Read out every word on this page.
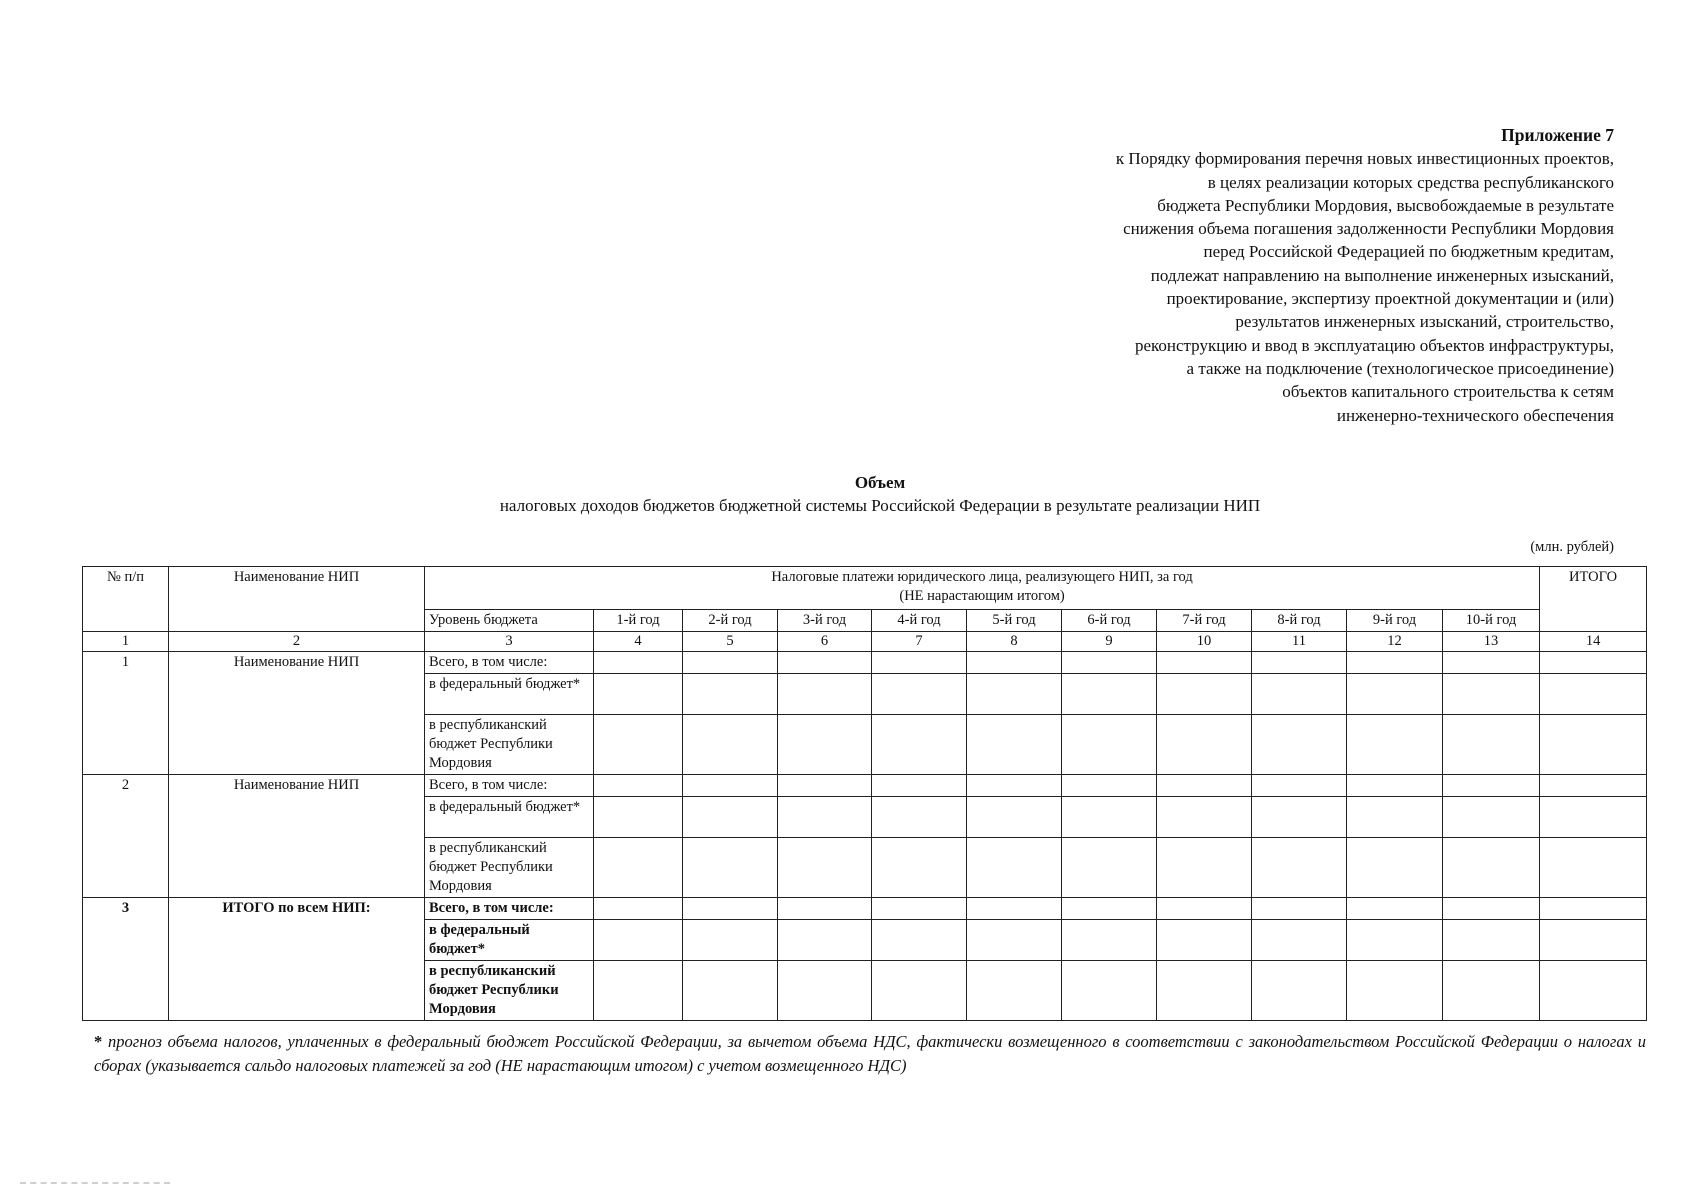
Приложение 7
к Порядку формирования перечня новых инвестиционных проектов,
в целях реализации которых средства республиканского
бюджета Республики Мордовия, высвобождаемые в результате
снижения объема погашения задолженности Республики Мордовия
перед Российской Федерацией по бюджетным кредитам,
подлежат направлению на выполнение инженерных изысканий,
проектирование, экспертизу проектной документации и (или)
результатов инженерных изысканий, строительство,
реконструкцию и ввод в эксплуатацию объектов инфраструктуры,
а также на подключение (технологическое присоединение)
объектов капитального строительства к сетям
инженерно-технического обеспечения
Объем
налоговых доходов бюджетов бюджетной системы Российской Федерации в результате реализации НИП
(млн. рублей)
№ п/п	Наименование НИП	Налоговые платежи юридического лица, реализующего НИП, за год
(НЕ нарастающим итогом)											ИТОГО
		Уровень бюджета	1-й год	2-й год	3-й год	4-й год	5-й год	6-й год	7-й год	8-й год	9-й год	10-й год	
1	2	3	4	5	6	7	8	9	10	11	12	13	14
1	Наименование НИП	Всего, в том числе:											
		в федеральный бюджет*											
		в республиканский бюджет Республики Мордовия											
2	Наименование НИП	Всего, в том числе:											
		в федеральный бюджет*											
		в республиканский бюджет Республики Мордовия											
3	ИТОГО по всем НИП:	Всего, в том числе:											
		в федеральный бюджет*											
		в республиканский бюджет Республики Мордовия											
* прогноз объема налогов, уплаченных в федеральный бюджет Российской Федерации, за вычетом объема НДС, фактически возмещенного в соответствии с законодательством Российской Федерации о налогах и сборах (указывается сальдо налоговых платежей за год (НЕ нарастающим итогом) с учетом возмещенного НДС)
